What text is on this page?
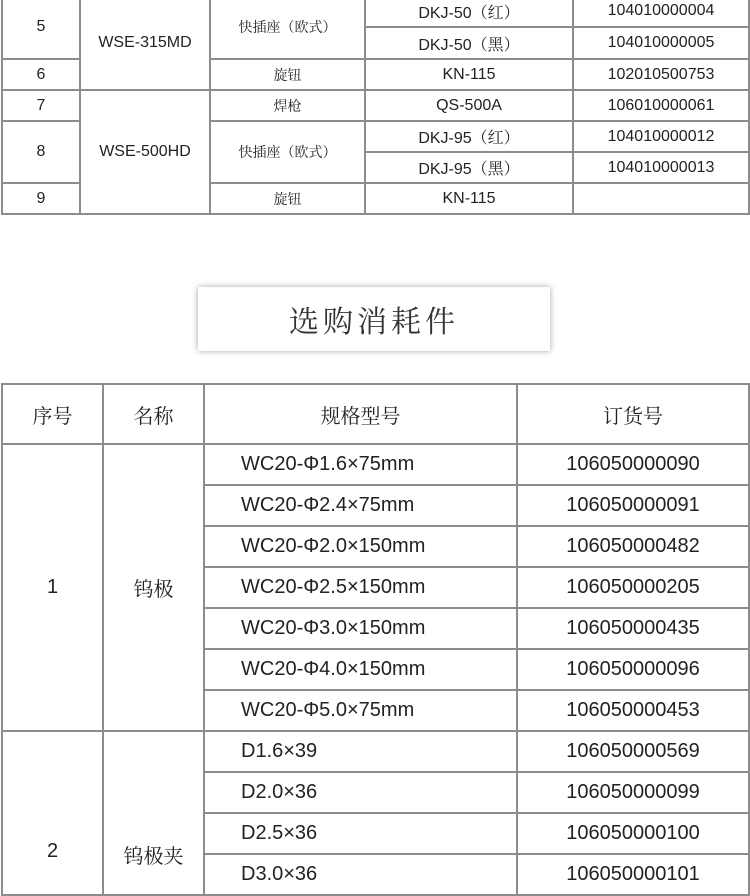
5	WSE-315MD	快插座（欧式）	DKJ-50（红）	104010000004
			DKJ-50（黑）	104010000005
6		旋钮	KN-115	102010500753
7	WSE-500HD	焊枪	QS-500A	106010000061
8		快插座（欧式）	DKJ-95（红）	104010000012
			DKJ-95（黑）	104010000013
9		旋钮	KN-115	
选购消耗件
序号	名称	规格型号	订货号
1	钨极	WC20-Φ1.6×75mm	106050000090
		WC20-Φ2.4×75mm	106050000091
		WC20-Φ2.0×150mm	106050000482
		WC20-Φ2.5×150mm	106050000205
		WC20-Φ3.0×150mm	106050000435
		WC20-Φ4.0×150mm	106050000096
		WC20-Φ5.0×75mm	106050000453
2	钨极夹	D1.6×39	106050000569
		D2.0×36	106050000099
		D2.5×36	106050000100
		D3.0×36	106050000101
